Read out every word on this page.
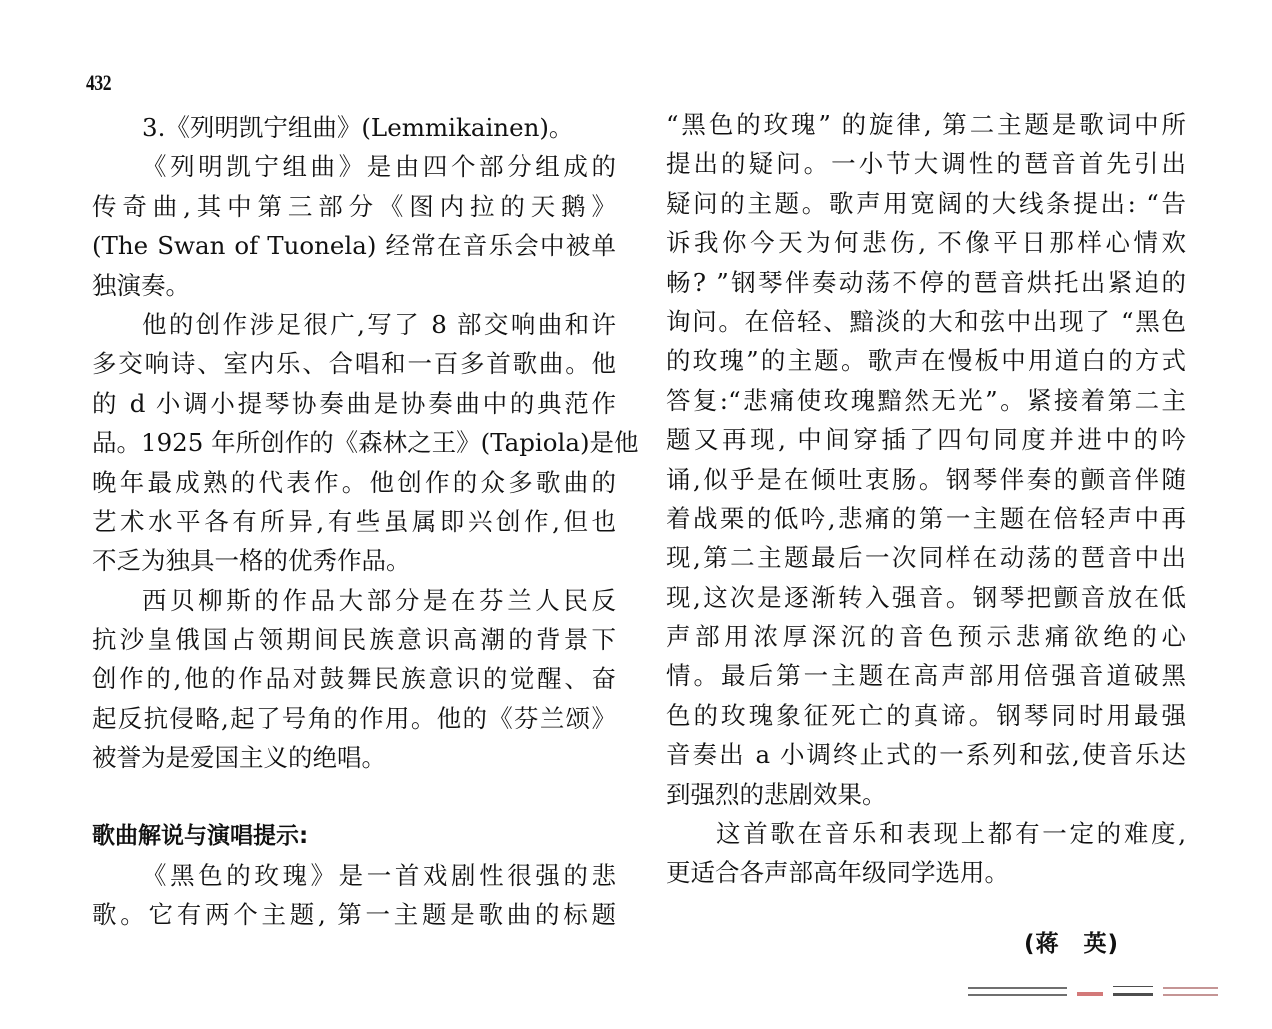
432
3.《列明凯宁组曲》(Lemmikainen)。
《列明凯宁组曲》是由四个部分组成的
传奇曲,其中第三部分《图内拉的天鹅》
(The Swan of Tuonela) 经常在音乐会中被单
独演奏。
他的创作涉足很广,写了 8 部交响曲和许
多交响诗、室内乐、合唱和一百多首歌曲。他
的 d 小调小提琴协奏曲是协奏曲中的典范作
品。1925 年所创作的《森林之王》(Tapiola)是他
晚年最成熟的代表作。他创作的众多歌曲的
艺术水平各有所异,有些虽属即兴创作,但也
不乏为独具一格的优秀作品。
西贝柳斯的作品大部分是在芬兰人民反
抗沙皇俄国占领期间民族意识高潮的背景下
创作的,他的作品对鼓舞民族意识的觉醒、奋
起反抗侵略,起了号角的作用。他的《芬兰颂》
被誉为是爱国主义的绝唱。
歌曲解说与演唱提示:
《黑色的玫瑰》是一首戏剧性很强的悲
歌。它有两个主题, 第一主题是歌曲的标题
“黑色的玫瑰” 的旋律, 第二主题是歌词中所
提出的疑问。一小节大调性的琶音首先引出
疑问的主题。歌声用宽阔的大线条提出: “告
诉我你今天为何悲伤, 不像平日那样心情欢
畅? ”钢琴伴奏动荡不停的琶音烘托出紧迫的
询问。在倍轻、黯淡的大和弦中出现了 “黑色
的玫瑰”的主题。歌声在慢板中用道白的方式
答复:“悲痛使玫瑰黯然无光”。紧接着第二主
题又再现, 中间穿插了四句同度并进中的吟
诵,似乎是在倾吐衷肠。钢琴伴奏的颤音伴随
着战栗的低吟,悲痛的第一主题在倍轻声中再
现,第二主题最后一次同样在动荡的琶音中出
现,这次是逐渐转入强音。钢琴把颤音放在低
声部用浓厚深沉的音色预示悲痛欲绝的心
情。最后第一主题在高声部用倍强音道破黑
色的玫瑰象征死亡的真谛。钢琴同时用最强
音奏出 a 小调终止式的一系列和弦,使音乐达
到强烈的悲剧效果。
这首歌在音乐和表现上都有一定的难度,
更适合各声部高年级同学选用。
(蒋　英)
